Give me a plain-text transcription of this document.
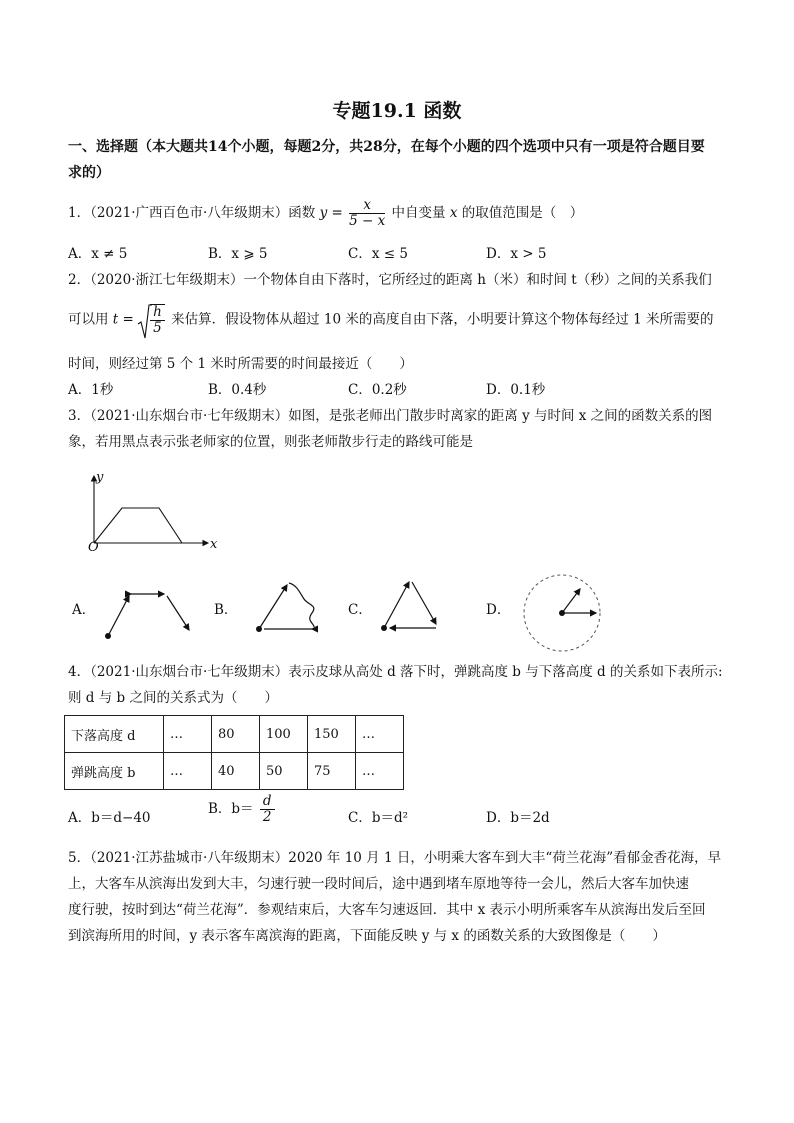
专题19.1 函数
一、选择题（本大题共14个小题，每题2分，共28分，在每个小题的四个选项中只有一项是符合题目要
求的）
1．（2021·广西百色市·八年级期末）函数 $y = \frac{x}{5 - x}$ 中自变量 x 的取值范围是（　）
A．x ≠ 5	B．x ⩾ 5	C．x ≤ 5	D．x > 5
2．（2020·浙江七年级期末）一个物体自由下落时，它所经过的距离 h（米）和时间 t（秒）之间的关系我们
可以用 $t = \frac{h}{5}$ 来估算．假设物体从超过 10 米的高度自由下落，小明要计算这个物体每经过 1 米所需要的
时间，则经过第 5 个 1 米时所需要的时间最接近（　　）
A．1秒	B．0.4秒	C．0.2秒	D．0.1秒
3．（2021·山东烟台市·七年级期末）如图，是张老师出门散步时离家的距离 y 与时间 x 之间的函数关系的图
象，若用黑点表示张老师家的位置，则张老师散步行走的路线可能是
y
x
O
A．	B．	C．	D．
4．（2021·山东烟台市·七年级期末）表示皮球从高处 d 落下时，弹跳高度 b 与下落高度 d 的关系如下表所示:
则 d 与 b 之间的关系式为（　　）
下落高度 d	…	80	100	150	…
弹跳高度 b	…	40	50	75	…
A．b＝d−40
B．$b= \frac{d}{2}$	C．b＝d²	D．b＝2d
5．（2021·江苏盐城市·八年级期末）2020 年 10 月 1 日，小明乘大客车到大丰“荷兰花海”看郁金香花海，早
上，大客车从滨海出发到大丰，匀速行驶一段时间后，途中遇到堵车原地等待一会儿，然后大客车加快速
度行驶，按时到达“荷兰花海”．参观结束后，大客车匀速返回．其中 x 表示小明所乘客车从滨海出发后至回
到滨海所用的时间，y 表示客车离滨海的距离，下面能反映 y 与 x 的函数关系的大致图像是（　　）
